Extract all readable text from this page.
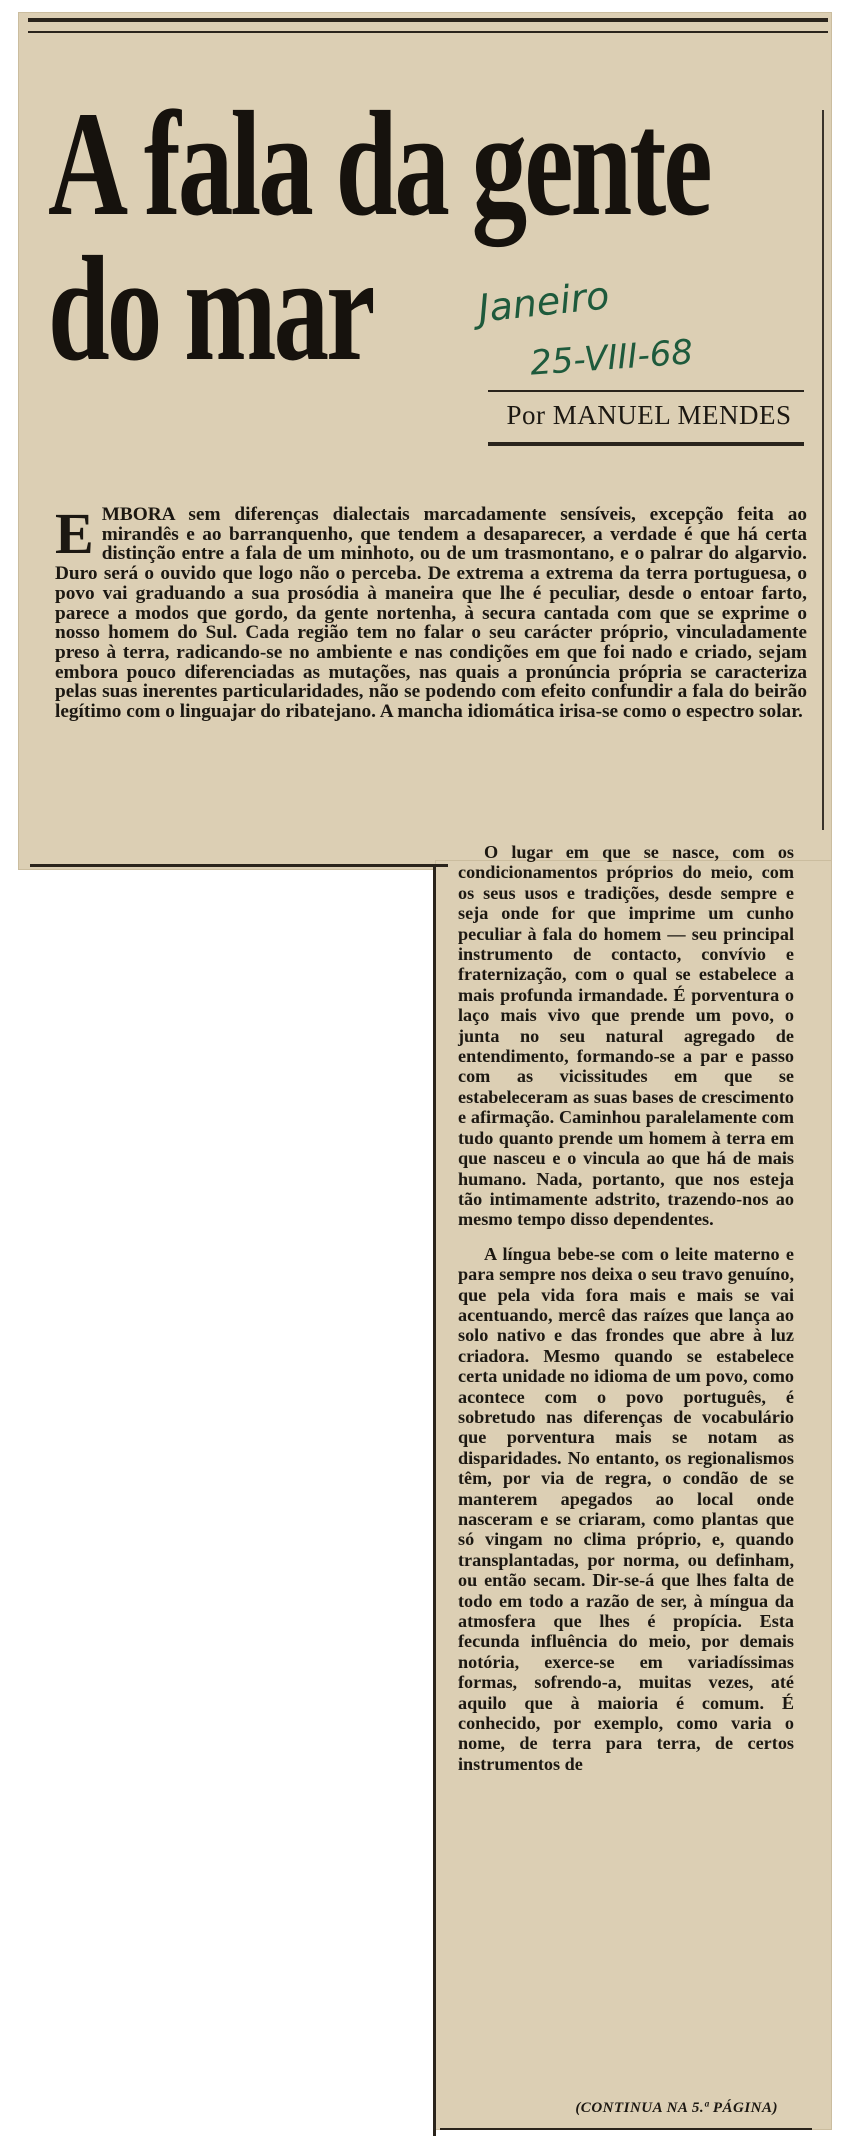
A fala da gente
do mar	Janeiro
25-VIII-68
Por MANUEL MENDES
E MBORA sem diferenças dialectais marcadamente sensíveis, excepção feita ao mirandês e ao barranquenho, que tendem a desaparecer, a verdade é que há certa distinção entre a fala de um minhoto, ou de um trasmontano, e o palrar do algarvio. Duro será o ouvido que logo não o perceba. De extrema a extrema da terra portuguesa, o povo vai graduando a sua prosódia à maneira que lhe é peculiar, desde o entoar farto, parece a modos que gordo, da gente nortenha, à secura cantada com que se exprime o nosso homem do Sul. Cada região tem no falar o seu carácter próprio, vinculadamente preso à terra, radicando-se no ambiente e nas condições em que foi nado e criado, sejam embora pouco diferenciadas as mutações, nas quais a pronúncia própria se caracteriza pelas suas inerentes particularidades, não se podendo com efeito confundir a fala do beirão legítimo com o linguajar do ribatejano. A mancha idiomática irisa-se como o espectro solar.

O lugar em que se nasce, com os condicionamentos próprios do meio, com os seus usos e tradições, desde sempre e seja onde for que imprime um cunho peculiar à fala do homem — seu principal instrumento de contacto, convívio e fraternização, com o qual se estabelece a mais profunda irmandade. É porventura o laço mais vivo que prende um povo, o junta no seu natural agregado de entendimento, formando-se a par e passo com as vicissitudes em que se estabeleceram as suas bases de crescimento e afirmação. Caminhou paralelamente com tudo quanto prende um homem à terra em que nasceu e o vincula ao que há de mais humano. Nada, portanto, que nos esteja tão intimamente adstrito, trazendo-nos ao mesmo tempo disso dependentes.

A língua bebe-se com o leite materno e para sempre nos deixa o seu travo genuíno, que pela vida fora mais e mais se vai acentuando, mercê das raízes que lança ao solo nativo e das frondes que abre à luz criadora. Mesmo quando se estabelece certa unidade no idioma de um povo, como acontece com o povo português, é sobretudo nas diferenças de vocabulário que porventura mais se notam as disparidades. No entanto, os regionalismos têm, por via de regra, o condão de se manterem apegados ao local onde nasceram e se criaram, como plantas que só vingam no clima próprio, e, quando transplantadas, por norma, ou definham, ou então secam. Dir-se-á que lhes falta de todo em todo a razão de ser, à míngua da atmosfera que lhes é propícia. Esta fecunda influência do meio, por demais notória, exerce-se em variadíssimas formas, sofrendo-a, muitas vezes, até aquilo que à maioria é comum. É conhecido, por exemplo, como varia o nome, de terra para terra, de certos instrumentos de

(CONTINUA NA 5.ª PÁGINA)
